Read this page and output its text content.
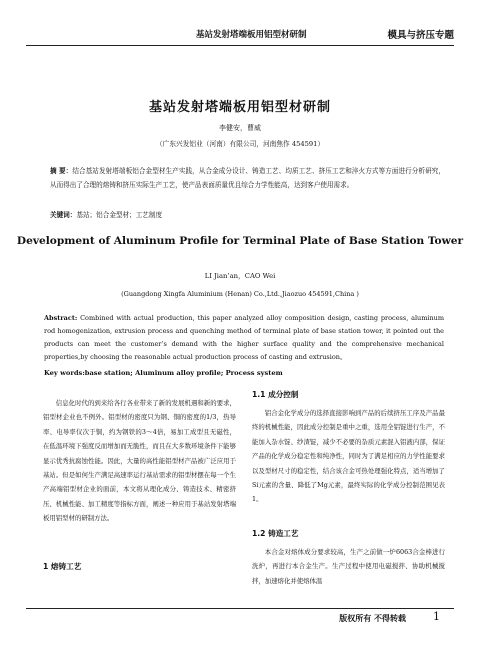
基站发射塔端板用铝型材研制	模具与挤压专题
基站发射塔端板用铝型材研制
李健安，曹威
（广东兴发铝业（河南）有限公司，河南焦作 454591）
摘 要：结合基站发射塔端板铝合金型材生产实践，从合金成分设计、铸造工艺、均质工艺、挤压工艺和淬火方式等方面进行分析研究，从而得出了合理的熔铸和挤压实际生产工艺，使产品表面质量优且综合力学性能高，达到客户使用需求。
关键词：基站；铝合金型材；工艺制度
Development of Aluminum Profile for Terminal Plate of Base Station Tower
LI Jian’an，CAO Wei
(Guangdong Xingfa Aluminium (Henan) Co.,Ltd.,Jiaozuo 454591,China )
Abstract: Combined with actual production, this paper analyzed alloy composition design, casting process, aluminum rod homogenization, extrusion process and quenching method of terminal plate of base station tower, it pointed out the products can meet the customer’s demand with the higher surface quality and the comprehensive mechanical properties,by choosing the reasonable actual production process of casting and extrusion。
Key words:base station; Aluminum alloy profile; Process system

信息化时代的到来给各行各业带来了新的发展机遇和新的要求，铝型材企业也不例外。铝型材的密度只为钢、铜的密度的1/3，热导率、电导率仅次于铜，约为钢铁的3～4倍，易加工成型且无磁性，在低温环境下强度反而增加而无脆性，而且在大多数环境条件下能够显示优秀抗腐蚀性能。因此，大量的高性能铝型材产品被广泛应用于基站。但是如何生产满足高速率运行基站需求的铝型材摆在每一个生产高端铝型材企业的面前，本文将从理化成分、铸造技术、精密挤压、机械性能、加工精度等指标方面，阐述一种应用于基站发射塔端板用铝型材的研制方法。

1 熔铸工艺
1.1 成分控制

铝合金化学成分的选择直接影响到产品的后续挤压工序及产品最终的机械性能，因此成分控制是重中之重，选用全铝锭进行生产，不能加入杂水锭、纱渣锭，减少不必要的杂质元素混入铝液内部，保证产品的化学成分稳定性和纯净性，同时为了满足相应的力学性能要求以及型材尺寸的稳定性，结合该合金可热处理强化特点，适当增加了Si元素的含量、降低了Mg元素，最终实际的化学成分控制范围见表1。

1.2 铸造工艺

本合金对熔体成分要求较高，生产之前做一炉6063合金棒进行洗炉，再进行本合金生产。生产过程中使用电磁搅拌、协助机械搅拌，加速熔化并使熔体温

版权所有 不得转载 1
